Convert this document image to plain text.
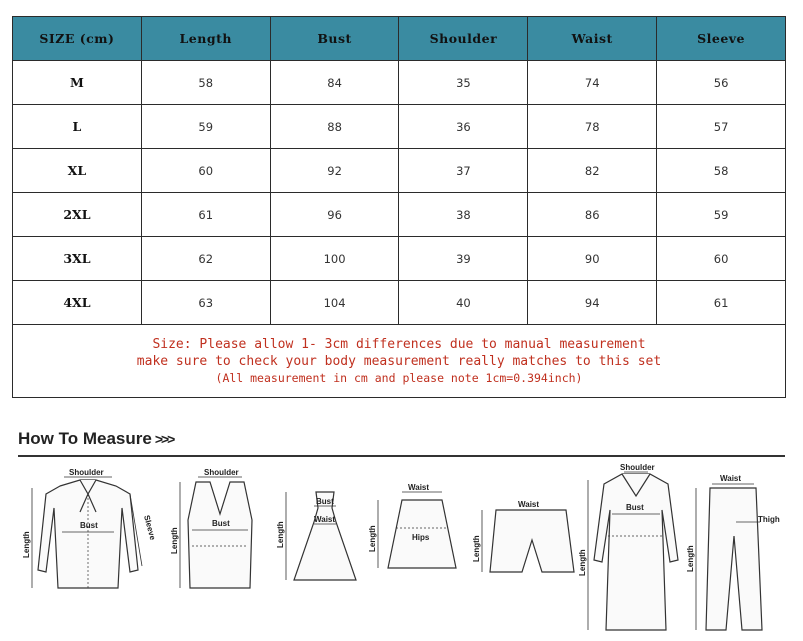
SIZE (cm)	Length	Bust	Shoulder	Waist	Sleeve
M	58	84	35	74	56
L	59	88	36	78	57
XL	60	92	37	82	58
2XL	61	96	38	86	59
3XL	62	100	39	90	60
4XL	63	104	40	94	61

Size: Please allow 1- 3cm differences due to manual measurement
make sure to check your body measurement really matches to this set
(All measurement in cm and please note 1cm=0.394inch)					
How To Measure >>>
Shoulder
Bust
Length
Sleeve
Shoulder
Bust
Length
Bust
Waist
Length
Waist
Hips
Length
Waist
Length
Shoulder
Bust
Length
Waist
Thigh
Length
